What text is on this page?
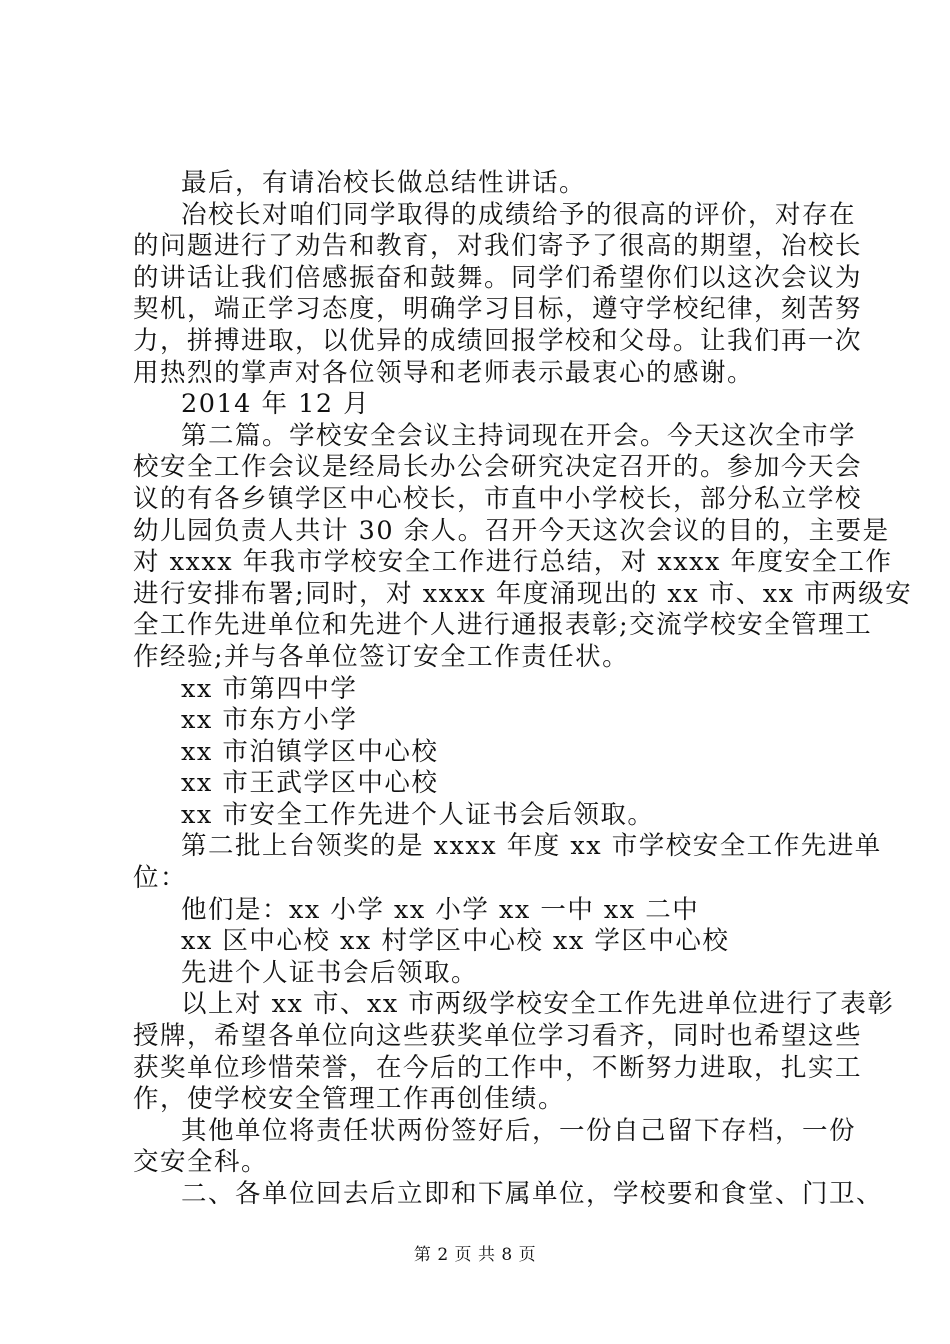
最后，有请冶校长做总结性讲话。
冶校长对咱们同学取得的成绩给予的很高的评价，对存在
的问题进行了劝告和教育，对我们寄予了很高的期望，冶校长
的讲话让我们倍感振奋和鼓舞。同学们希望你们以这次会议为
契机，端正学习态度，明确学习目标，遵守学校纪律，刻苦努
力，拼搏进取，以优异的成绩回报学校和父母。让我们再一次
用热烈的掌声对各位领导和老师表示最衷心的感谢。
2014 年 12 月
第二篇。学校安全会议主持词现在开会。今天这次全市学
校安全工作会议是经局长办公会研究决定召开的。参加今天会
议的有各乡镇学区中心校长，市直中小学校长，部分私立学校
幼儿园负责人共计 30 余人。召开今天这次会议的目的，主要是
对 xxxx 年我市学校安全工作进行总结，对 xxxx 年度安全工作
进行安排布署;同时，对 xxxx 年度涌现出的 xx 市、xx 市两级安
全工作先进单位和先进个人进行通报表彰;交流学校安全管理工
作经验;并与各单位签订安全工作责任状。
xx 市第四中学
xx 市东方小学
xx 市泊镇学区中心校
xx 市王武学区中心校
xx 市安全工作先进个人证书会后领取。
第二批上台领奖的是 xxxx 年度 xx 市学校安全工作先进单
位：
他们是：xx 小学 xx 小学 xx 一中 xx 二中
xx 区中心校 xx 村学区中心校 xx 学区中心校
先进个人证书会后领取。
以上对 xx 市、xx 市两级学校安全工作先进单位进行了表彰
授牌，希望各单位向这些获奖单位学习看齐，同时也希望这些
获奖单位珍惜荣誉，在今后的工作中，不断努力进取，扎实工
作，使学校安全管理工作再创佳绩。
其他单位将责任状两份签好后，一份自己留下存档，一份
交安全科。
二、各单位回去后立即和下属单位，学校要和食堂、门卫、
第 2 页 共 8 页
